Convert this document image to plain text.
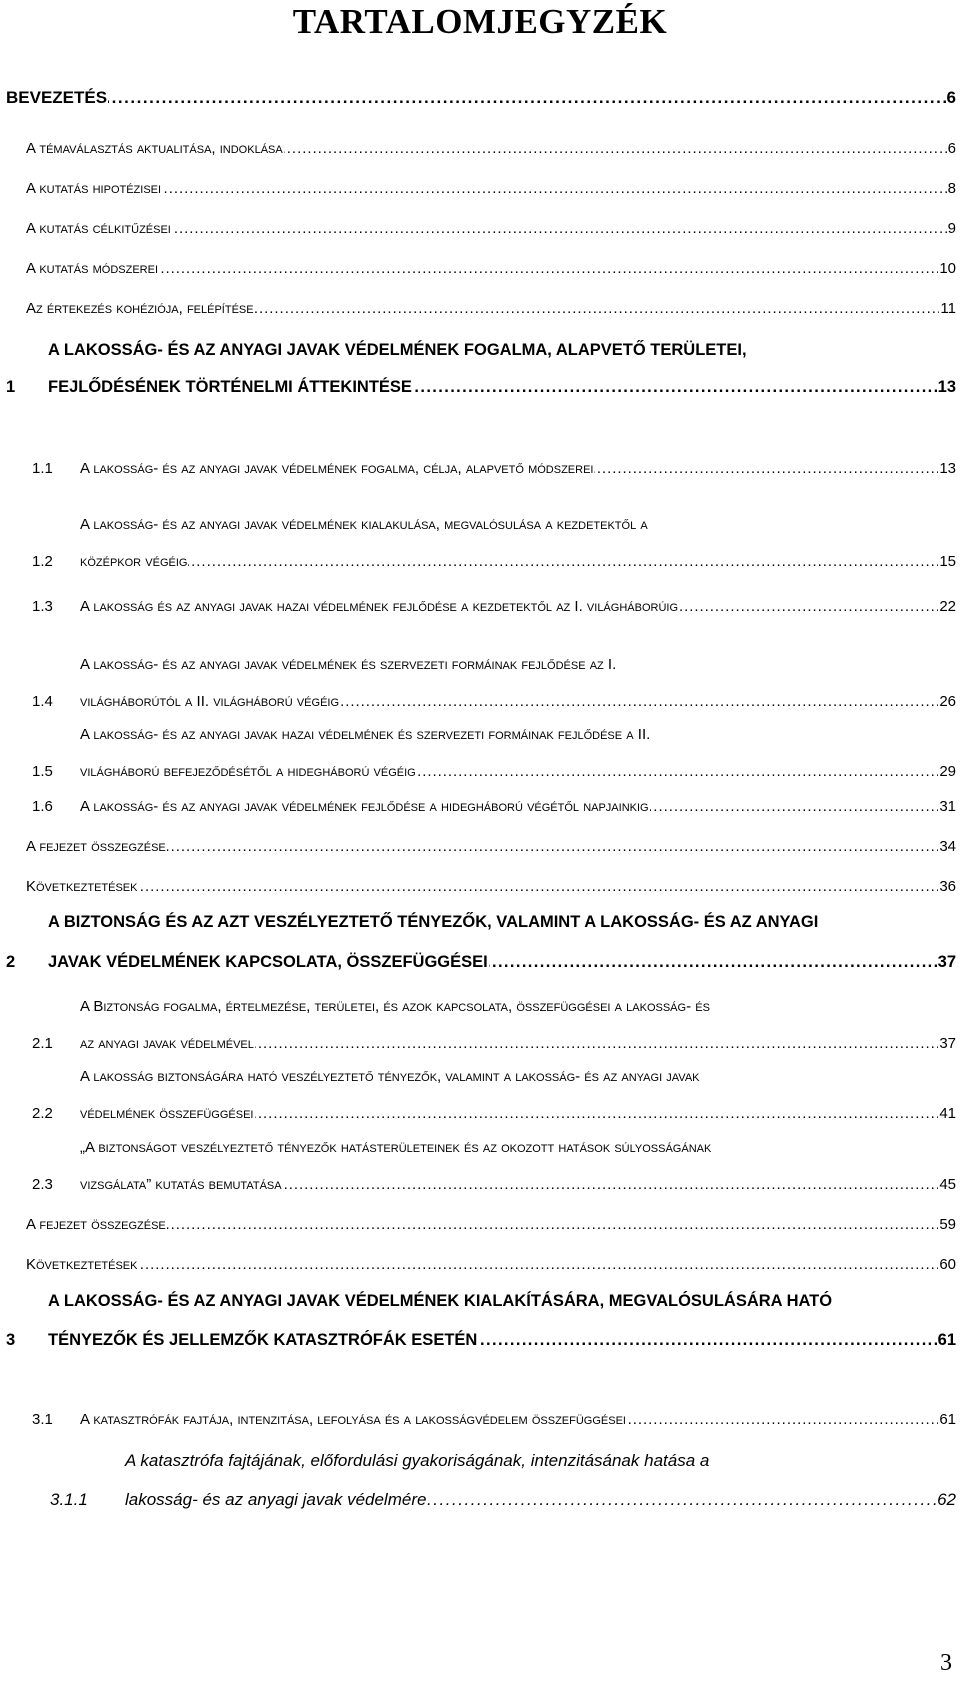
TARTALOMJEGYZÉK
BEVEZETÉS . . .	6
A témaválasztás aktualitása, indoklása . . .	6
A kutatás hipotézisei . . .	8
A kutatás célkitűzései . . .	9
A kutatás módszerei . . .	10
Az értekezés kohéziója, felépítése . . .	11
A LAKOSSÁG- ÉS AZ ANYAGI JAVAK VÉDELMÉNEK FOGALMA, ALAPVETŐ TERÜLETEI,
1 FEJLŐDÉSÉNEK TÖRTÉNELMI ÁTTEKINTÉSE . . .	13
1.1 A lakosság- és az anyagi javak védelmének fogalma, célja, alapvető módszerei . . .	13
A lakosság- és az anyagi javak védelmének kialakulása, megvalósulása a kezdetektől a
1.2 középkor végéig . . .	15
1.3 A lakosság és az anyagi javak hazai védelmének fejlődése a kezdetektől az I. világháborúig . . .	22
A lakosság- és az anyagi javak védelmének és szervezeti formáinak fejlődése az I.
1.4 világháborútól a II. világháború végéig . . .	26
A lakosság- és az anyagi javak hazai védelmének és szervezeti formáinak fejlődése a II.
1.5 világháború befejeződésétől a hidegháború végéig . . .	29
1.6 A lakosság- és az anyagi javak védelmének fejlődése a hidegháború végétől napjainkig . . .	31
A fejezet összegzése . . .	34
Következtetések . . .	36
A BIZTONSÁG ÉS AZ AZT VESZÉLYEZTETŐ TÉNYEZŐK, VALAMINT A LAKOSSÁG- ÉS AZ ANYAGI
2 JAVAK VÉDELMÉNEK KAPCSOLATA, ÖSSZEFÜGGÉSEI . . .	37
A Biztonság fogalma, értelmezése, területei, és azok kapcsolata, összefüggései a lakosság- és
2.1 az anyagi javak védelmével . . .	37
A lakosság biztonságára ható veszélyeztető tényezők, valamint a lakosság- és az anyagi javak
2.2 védelmének összefüggései . . .	41
„A biztonságot veszélyeztető tényezők hatásterületeinek és az okozott hatások súlyosságának
2.3 vizsgálata” kutatás bemutatása . . .	45
A fejezet összegzése . . .	59
Következtetések . . .	60
A LAKOSSÁG- ÉS AZ ANYAGI JAVAK VÉDELMÉNEK KIALAKÍTÁSÁRA, MEGVALÓSULÁSÁRA HATÓ
3 TÉNYEZŐK ÉS JELLEMZŐK KATASZTRÓFÁK ESETÉN . . .	61
3.1 A katasztrófák fajtája, intenzitása, lefolyása és a lakosságvédelem összefüggései . . .	61
A katasztrófa fajtájának, előfordulási gyakoriságának, intenzitásának hatása a
3.1.1 lakosság- és az anyagi javak védelmére . . .	62
3
